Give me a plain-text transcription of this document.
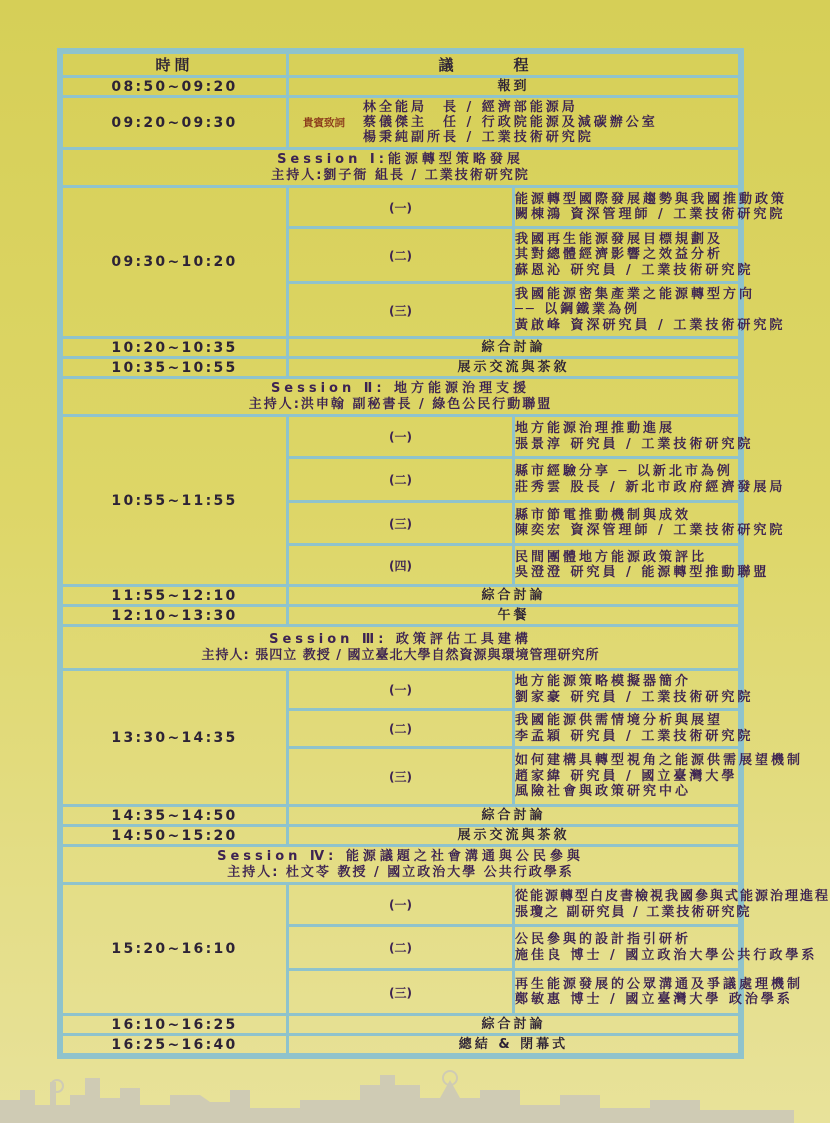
時間	議程	
08:50~09:20	報到	
09:20~09:30	貴賓致詞
林全能局　長 / 經濟部能源局
蔡儀傑主　任 / 行政院能源及減碳辦公室
楊秉純副所長 / 工業技術研究院	

Session Ⅰ:能源轉型策略發展
主持人:劉子衙 組長 / 工業技術研究院		

09:30~10:20	(一)	能源轉型國際發展趨勢與我國推動政策
闕棟鴻 資深管理師 / 工業技術研究院

	(二)	我國再生能源發展目標規劃及
其對總體經濟影響之效益分析
蘇恩沁 研究員 / 工業技術研究院

	(三)	我國能源密集產業之能源轉型方向
── 以鋼鐵業為例
黃啟峰 資深研究員 / 工業技術研究院

10:20~10:35	綜合討論	
10:35~10:55	展示交流與茶敘	

Session Ⅱ: 地方能源治理支援
主持人:洪申翰 副秘書長 / 綠色公民行動聯盟		

10:55~11:55	(一)	地方能源治理推動進展
張景淳 研究員 / 工業技術研究院

	(二)	縣市經驗分享 ─ 以新北市為例
莊秀雲 股長 / 新北市政府經濟發展局

	(三)	縣市節電推動機制與成效
陳奕宏 資深管理師 / 工業技術研究院

	(四)	民間團體地方能源政策評比
吳澄澄 研究員 / 能源轉型推動聯盟

11:55~12:10	綜合討論	
12:10~13:30	午餐	

Session Ⅲ: 政策評估工具建構
主持人: 張四立 教授 / 國立臺北大學自然資源與環境管理研究所		

13:30~14:35	(一)	地方能源策略模擬器簡介
劉家豪 研究員 / 工業技術研究院

	(二)	我國能源供需情境分析與展望
李孟穎 研究員 / 工業技術研究院

	(三)	如何建構具轉型視角之能源供需展望機制
趙家緯 研究員 / 國立臺灣大學
風險社會與政策研究中心

14:35~14:50	綜合討論	
14:50~15:20	展示交流與茶敘	

Session Ⅳ: 能源議題之社會溝通與公民參與
主持人: 杜文苓 教授 / 國立政治大學 公共行政學系		

15:20~16:10	(一)	從能源轉型白皮書檢視我國參與式能源治理進程
張瓊之 副研究員 / 工業技術研究院

	(二)	公民參與的設計指引研析
施佳良 博士 / 國立政治大學公共行政學系

	(三)	再生能源發展的公眾溝通及爭議處理機制
鄭敏惠 博士 / 國立臺灣大學 政治學系

16:10~16:25	綜合討論	
16:25~16:40	總結 & 閉幕式	
